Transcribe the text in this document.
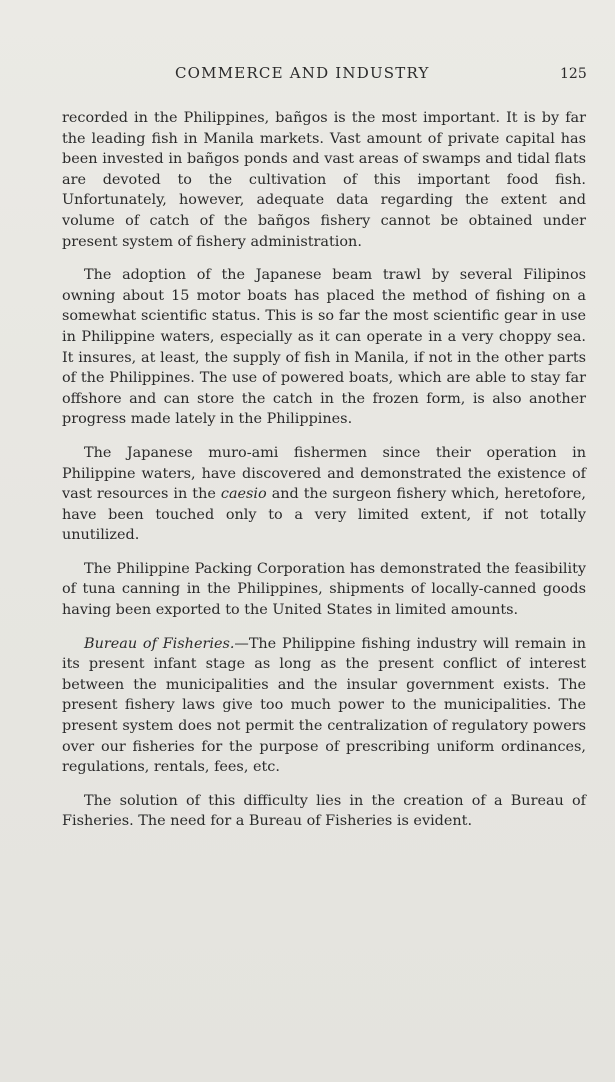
COMMERCE AND INDUSTRY	125

recorded in the Philippines, bañgos is the most important. It is by far the leading fish in Manila markets. Vast amount of private capital has been invested in bañgos ponds and vast areas of swamps and tidal flats are devoted to the cultivation of this important food fish. Unfortunately, however, adequate data regarding the extent and volume of catch of the bañgos fishery cannot be obtained under present system of fishery administration.

The adoption of the Japanese beam trawl by several Filipinos owning about 15 motor boats has placed the method of fishing on a somewhat scientific status. This is so far the most scientific gear in use in Philippine waters, especially as it can operate in a very choppy sea. It insures, at least, the supply of fish in Manila, if not in the other parts of the Philippines. The use of powered boats, which are able to stay far offshore and can store the catch in the frozen form, is also another progress made lately in the Philippines.

The Japanese muro-ami fishermen since their operation in Philippine waters, have discovered and demonstrated the existence of vast resources in the caesio and the surgeon fishery which, heretofore, have been touched only to a very limited extent, if not totally unutilized.

The Philippine Packing Corporation has demonstrated the feasibility of tuna canning in the Philippines, shipments of locally-canned goods having been exported to the United States in limited amounts.

Bureau of Fisheries.—The Philippine fishing industry will remain in its present infant stage as long as the present conflict of interest between the municipalities and the insular government exists. The present fishery laws give too much power to the municipalities. The present system does not permit the centralization of regulatory powers over our fisheries for the purpose of prescribing uniform ordinances, regulations, rentals, fees, etc.

The solution of this difficulty lies in the creation of a Bureau of Fisheries. The need for a Bureau of Fisheries is evident.
